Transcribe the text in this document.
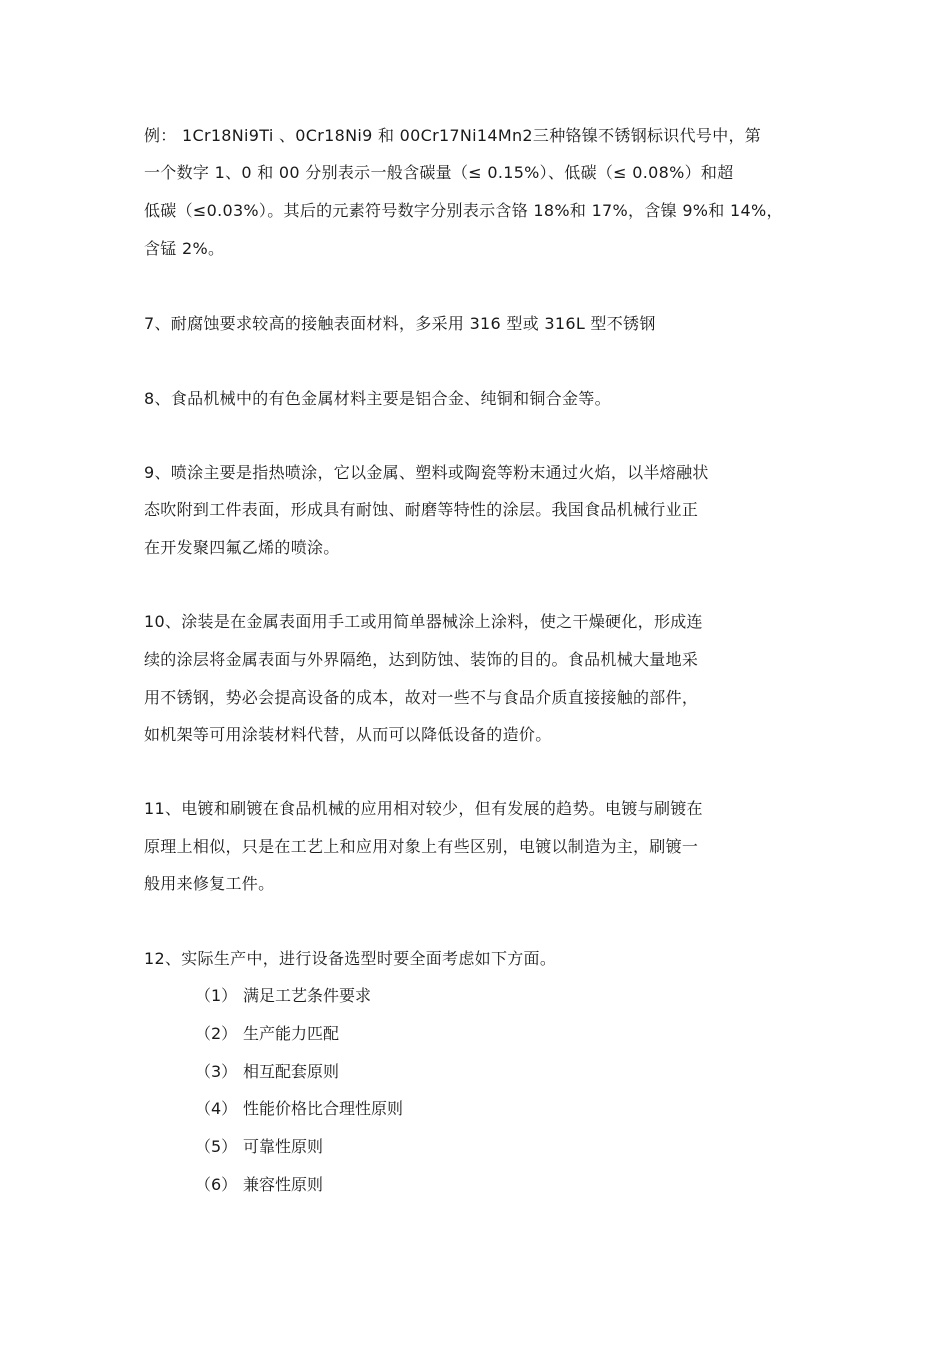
例： 1Cr18Ni9Ti 、0Cr18Ni9 和 00Cr17Ni14Mn2三种铬镍不锈钢标识代号中，第
一个数字 1、0 和 00 分别表示一般含碳量（≤ 0.15%）、低碳（≤ 0.08%）和超
低碳（≤0.03%）。其后的元素符号数字分别表示含铬 18%和 17%，含镍 9%和 14%，
含锰 2%。
7、耐腐蚀要求较高的接触表面材料，多采用 316 型或 316L 型不锈钢
8、食品机械中的有色金属材料主要是铝合金、纯铜和铜合金等。
9、喷涂主要是指热喷涂，它以金属、塑料或陶瓷等粉末通过火焰，以半熔融状
态吹附到工件表面，形成具有耐蚀、耐磨等特性的涂层。我国食品机械行业正
在开发聚四氟乙烯的喷涂。
10、涂装是在金属表面用手工或用简单器械涂上涂料，使之干燥硬化，形成连
续的涂层将金属表面与外界隔绝，达到防蚀、装饰的目的。食品机械大量地采
用不锈钢，势必会提高设备的成本，故对一些不与食品介质直接接触的部件，
如机架等可用涂装材料代替，从而可以降低设备的造价。
11、电镀和刷镀在食品机械的应用相对较少，但有发展的趋势。电镀与刷镀在
原理上相似，只是在工艺上和应用对象上有些区别，电镀以制造为主，刷镀一
般用来修复工件。
12、实际生产中，进行设备选型时要全面考虑如下方面。
（1） 满足工艺条件要求
（2） 生产能力匹配
（3） 相互配套原则
（4） 性能价格比合理性原则
（5） 可靠性原则
（6） 兼容性原则
